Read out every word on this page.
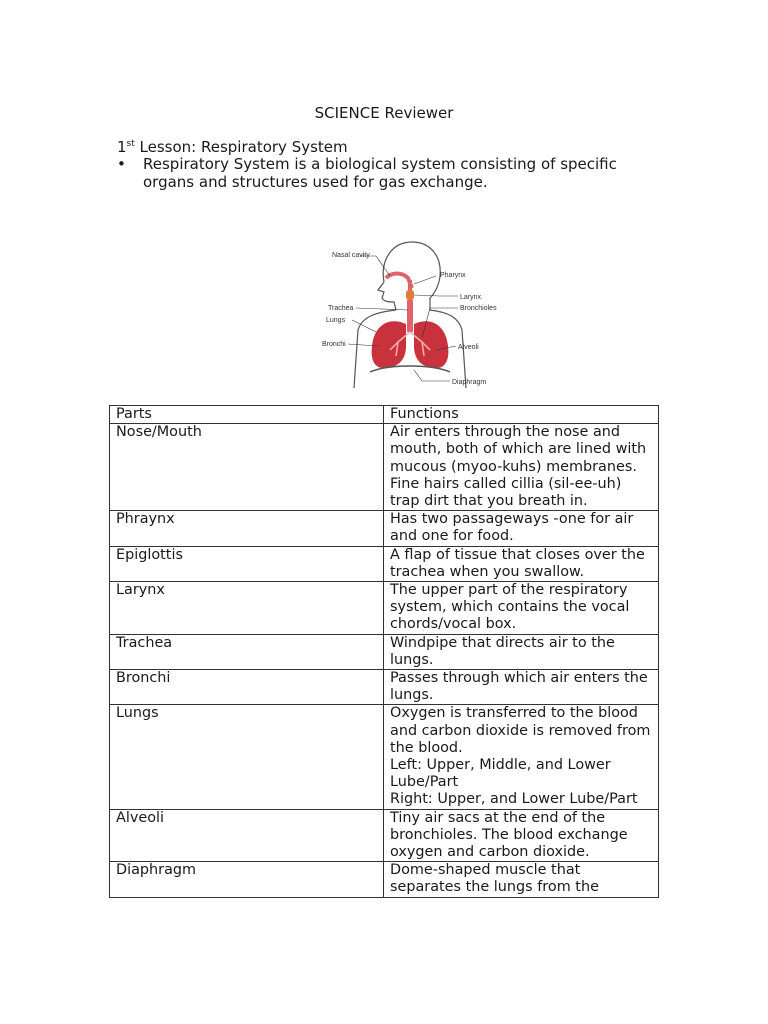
SCIENCE Reviewer
1st Lesson: Respiratory System
• Respiratory System is a biological system consisting of specific organs and structures used for gas exchange.
Nasal cavity
Pharynx
Larynx
Bronchioles
Trachea
Lungs
Bronchi	Alveoli
Diaphragm
Parts	Functions
Nose/Mouth	Air enters through the nose and mouth, both of which are lined with mucous (myoo-kuhs) membranes. Fine hairs called cillia (sil-ee-uh) trap dirt that you breath in.
Phraynx	Has two passageways -one for air and one for food.
Epiglottis	A flap of tissue that closes over the trachea when you swallow.
Larynx	The upper part of the respiratory system, which contains the vocal chords/vocal box.
Trachea	Windpipe that directs air to the lungs.
Bronchi	Passes through which air enters the lungs.
Lungs	Oxygen is transferred to the blood and carbon dioxide is removed from the blood.
Left: Upper, Middle, and Lower Lube/Part
Right: Upper, and Lower Lube/Part
Alveoli	Tiny air sacs at the end of the bronchioles. The blood exchange oxygen and carbon dioxide.
Diaphragm	Dome-shaped muscle that separates the lungs from the
